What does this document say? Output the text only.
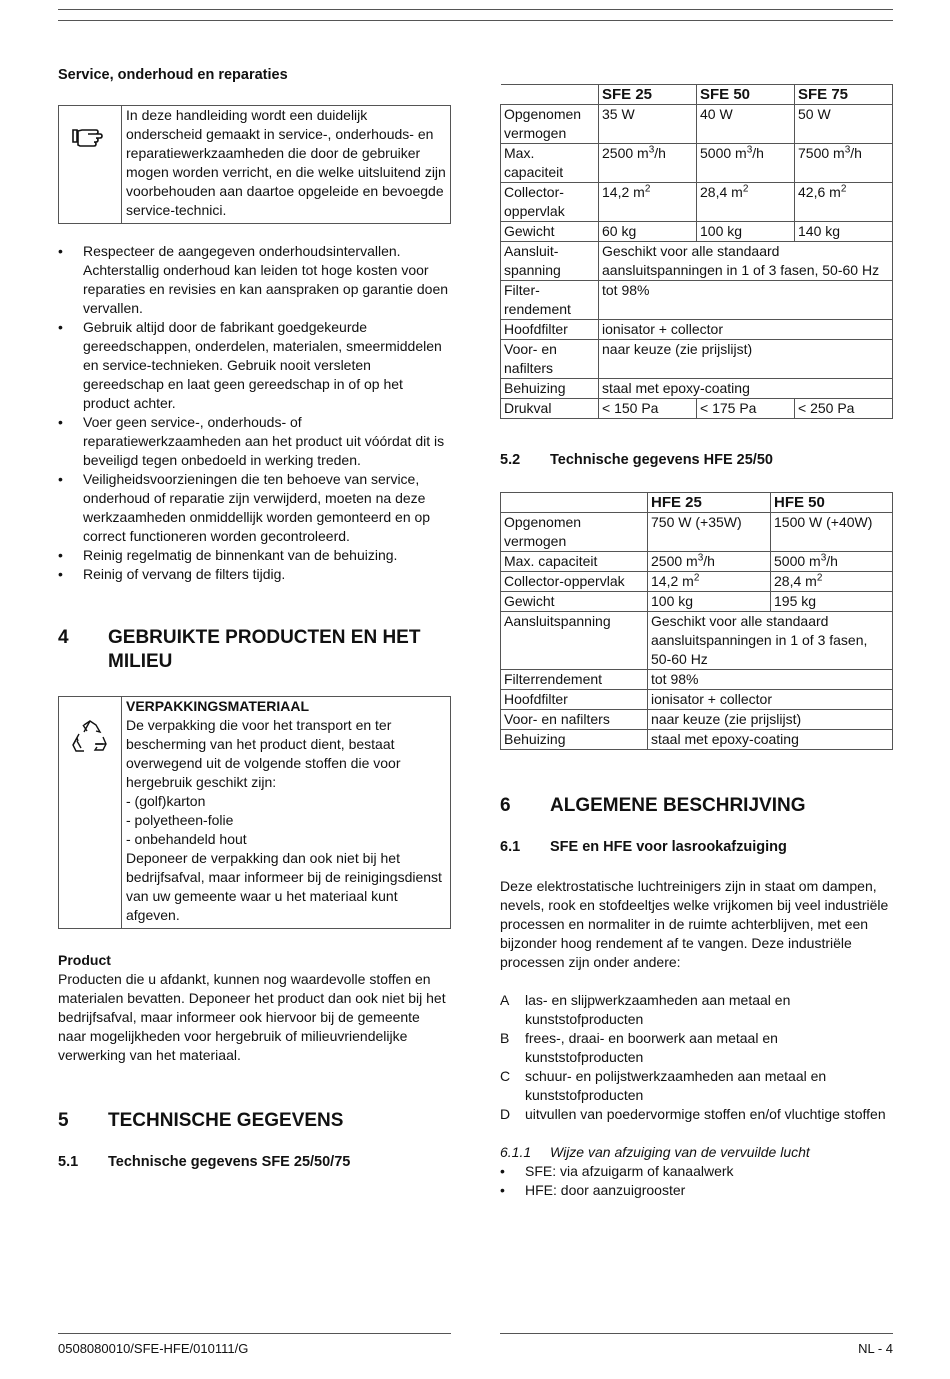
Service, onderhoud en reparaties
In deze handleiding wordt een duidelijk onderscheid gemaakt in service-, onderhouds- en reparatiewerkzaamheden die door de gebruiker mogen worden verricht, en die welke uitsluitend zijn voorbehouden aan daartoe opgeleide en bevoegde service-technici.
• Respecteer de aangegeven onderhoudsintervallen. Achterstallig onderhoud kan leiden tot hoge kosten voor reparaties en revisies en kan aanspraken op garantie doen vervallen.
• Gebruik altijd door de fabrikant goedgekeurde gereedschappen, onderdelen, materialen, smeermiddelen en service-technieken. Gebruik nooit versleten gereedschap en laat geen gereedschap in of op het product achter.
• Voer geen service-, onderhouds- of reparatiewerkzaamheden aan het product uit vóórdat dit is beveiligd tegen onbedoeld in werking treden.
• Veiligheidsvoorzieningen die ten behoeve van service, onderhoud of reparatie zijn verwijderd, moeten na deze werkzaamheden onmiddellijk worden gemonteerd en op correct functioneren worden gecontroleerd.
• Reinig regelmatig de binnenkant van de behuizing.
• Reinig of vervang de filters tijdig.
4	GEBRUIKTE PRODUCTEN EN HET MILIEU
VERPAKKINGSMATERIAAL
De verpakking die voor het transport en ter bescherming van het product dient, bestaat overwegend uit de volgende stoffen die voor hergebruik geschikt zijn:
- (golf)karton
- polyetheen-folie
- onbehandeld hout
Deponeer de verpakking dan ook niet bij het bedrijfsafval, maar informeer bij de reinigingsdienst van uw gemeente waar u het materiaal kunt afgeven.
Product
Producten die u afdankt, kunnen nog waardevolle stoffen en materialen bevatten. Deponeer het product dan ook niet bij het bedrijfsafval, maar informeer ook hiervoor bij de gemeente naar mogelijkheden voor hergebruik of milieuvriendelijke verwerking van het materiaal.
5	TECHNISCHE GEGEVENS
5.1	Technische gegevens SFE 25/50/75
	SFE 25	SFE 50	SFE 75
Opgenomen vermogen	35 W	40 W	50 W
Max. capaciteit	2500 $m^3/h$	5000 $m^3/h$	7500 $m^3/h$
Collector-oppervlak	14,2 $m^2$	28,4 $m^2$	42,6 $m^2$
Gewicht	60 kg	100 kg	140 kg
Aansluit-spanning	Geschikt voor alle standaard aansluitspanningen in 1 of 3 fasen, 50-60 Hz		
Filter-rendement	tot 98%		
Hoofdfilter	ionisator + collector		
Voor- en nafilters	naar keuze (zie prijslijst)		
Behuizing	staal met epoxy-coating		
Drukval	< 150 Pa	< 175 Pa	< 250 Pa
5.2	Technische gegevens HFE 25/50
	HFE 25	HFE 50
Opgenomen vermogen	750 W (+35W)	1500 W (+40W)
Max. capaciteit	2500 $m^3/h$	5000 $m^3/h$
Collector-oppervlak	14,2 $m^2$	28,4 $m^2$
Gewicht	100 kg	195 kg
Aansluitspanning	Geschikt voor alle standaard aansluitspanningen in 1 of 3 fasen, 50-60 Hz	
Filterrendement	tot 98%	
Hoofdfilter	ionisator + collector	
Voor- en nafilters	naar keuze (zie prijslijst)	
Behuizing	staal met epoxy-coating	
6	ALGEMENE BESCHRIJVING
6.1	SFE en HFE voor lasrookafzuiging
Deze elektrostatische luchtreinigers zijn in staat om dampen, nevels, rook en stofdeeltjes welke vrijkomen bij veel industriële processen en normaliter in de ruimte achterblijven, met een bijzonder hoog rendement af te vangen. Deze industriële processen zijn onder andere:
A	las- en slijpwerkzaamheden aan metaal en kunststofproducten
B	frees-, draai- en boorwerk aan metaal en kunststofproducten
C	schuur- en polijstwerkzaamheden aan metaal en kunststofproducten
D	uitvullen van poedervormige stoffen en/of vluchtige stoffen
6.1.1	Wijze van afzuiging van de vervuilde lucht
• SFE: via afzuigarm of kanaalwerk
• HFE: door aanzuigrooster
0508080010/SFE-HFE/010111/G	NL - 4
